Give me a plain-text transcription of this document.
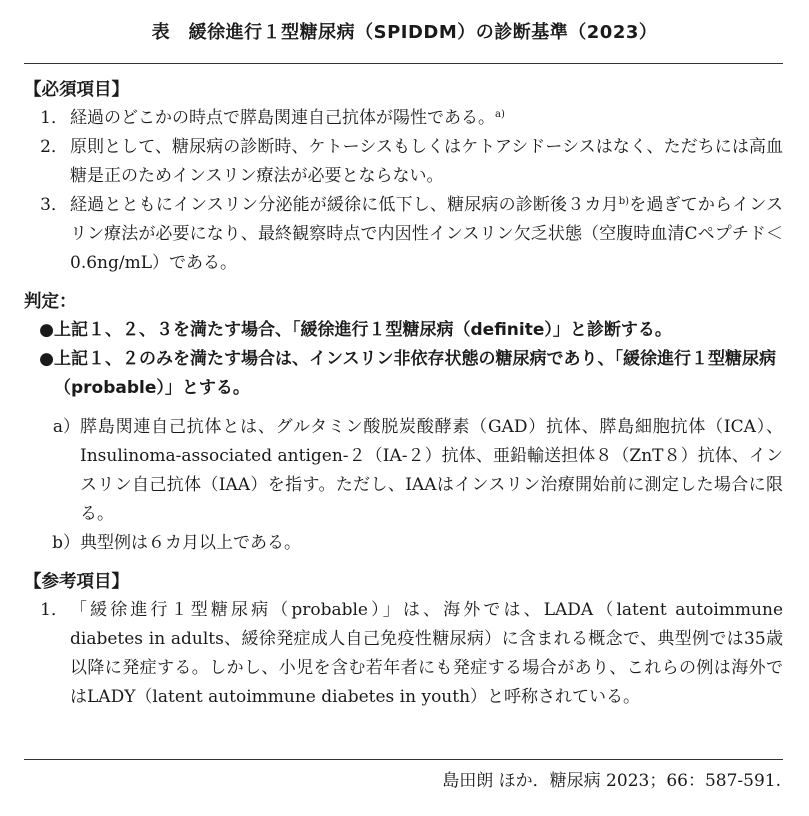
表　緩徐進行１型糖尿病（SPIDDM）の診断基準（2023）
【必須項目】
1． 経過のどこかの時点で膵島関連自己抗体が陽性である。$^{a)}$
2． 原則として、糖尿病の診断時、ケトーシスもしくはケトアシドーシスはなく、ただちには高血糖是正のためインスリン療法が必要とならない。
3． 経過とともにインスリン分泌能が緩徐に低下し、糖尿病の診断後３カ月$^{b)}$を過ぎてからインスリン療法が必要になり、最終観察時点で内因性インスリン欠乏状態（空腹時血清Cペプチド＜0.6ng/mL）である。
判定：
● 上記１、２、３を満たす場合、「緩徐進行１型糖尿病（definite）」と診断する。
● 上記１、２のみを満たす場合は、インスリン非依存状態の糖尿病であり、「緩徐進行１型糖尿病（probable）」とする。
a） 膵島関連自己抗体とは、グルタミン酸脱炭酸酵素（GAD）抗体、膵島細胞抗体（ICA）、Insulinoma-associated antigen-２（IA-２）抗体、亜鉛輸送担体８（ZnT８）抗体、インスリン自己抗体（IAA）を指す。ただし、IAAはインスリン治療開始前に測定した場合に限る。
b） 典型例は６カ月以上である。
【参考項目】
1． 「緩徐進行１型糖尿病（probable）」は、海外では、LADA（latent autoimmune diabetes in adults、緩徐発症成人自己免疫性糖尿病）に含まれる概念で、典型例では35歳以降に発症する。しかし、小児を含む若年者にも発症する場合があり、これらの例は海外ではLADY（latent autoimmune diabetes in youth）と呼称されている。
島田朗 ほか．糖尿病 2023；66：587-591.
